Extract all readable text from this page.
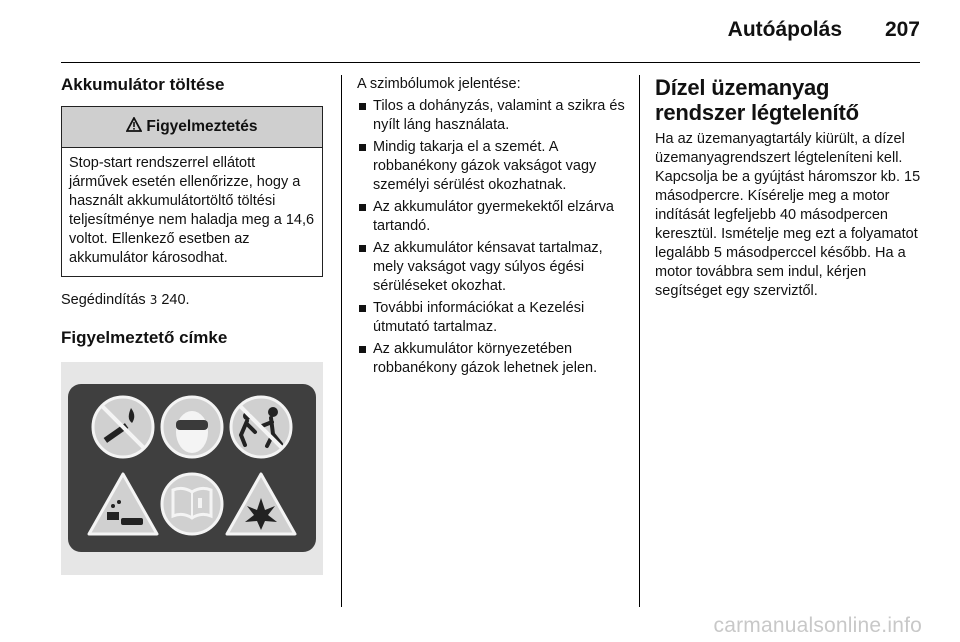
Autóápolás 207
Akkumulátor töltése
Figyelmeztetés
Stop-start rendszerrel ellátott járművek esetén ellenőrizze, hogy a használt akkumulátortöltő töltési teljesítménye nem haladja meg a 14,6 voltot. Ellenkező esetben az akkumulátor károsodhat.

Segédindítás 3 240.

Figyelmeztető címke

A szimbólumok jelentése:

Tilos a dohányzás, valamint a szikra és nyílt láng használata.
Mindig takarja el a szemét. A robbanékony gázok vakságot vagy személyi sérülést okozhatnak.
Az akkumulátor gyermekektől elzárva tartandó.
Az akkumulátor kénsavat tartalmaz, mely vakságot vagy súlyos égési sérüléseket okozhat.
További információkat a Kezelési útmutató tartalmaz.
Az akkumulátor környezetében robbanékony gázok lehetnek jelen.
Dízel üzemanyag rendszer légtelenítő

Ha az üzemanyagtartály kiürült, a dízel üzemanyagrendszert légteleníteni kell. Kapcsolja be a gyújtást háromszor kb. 15 másodpercre. Kísérelje meg a motor indítását legfeljebb 40 másodpercen keresztül. Ismételje meg ezt a folyamatot legalább 5 másodperccel később. Ha a motor továbbra sem indul, kérjen segítséget egy szerviztől.

carmanualsonline.info
